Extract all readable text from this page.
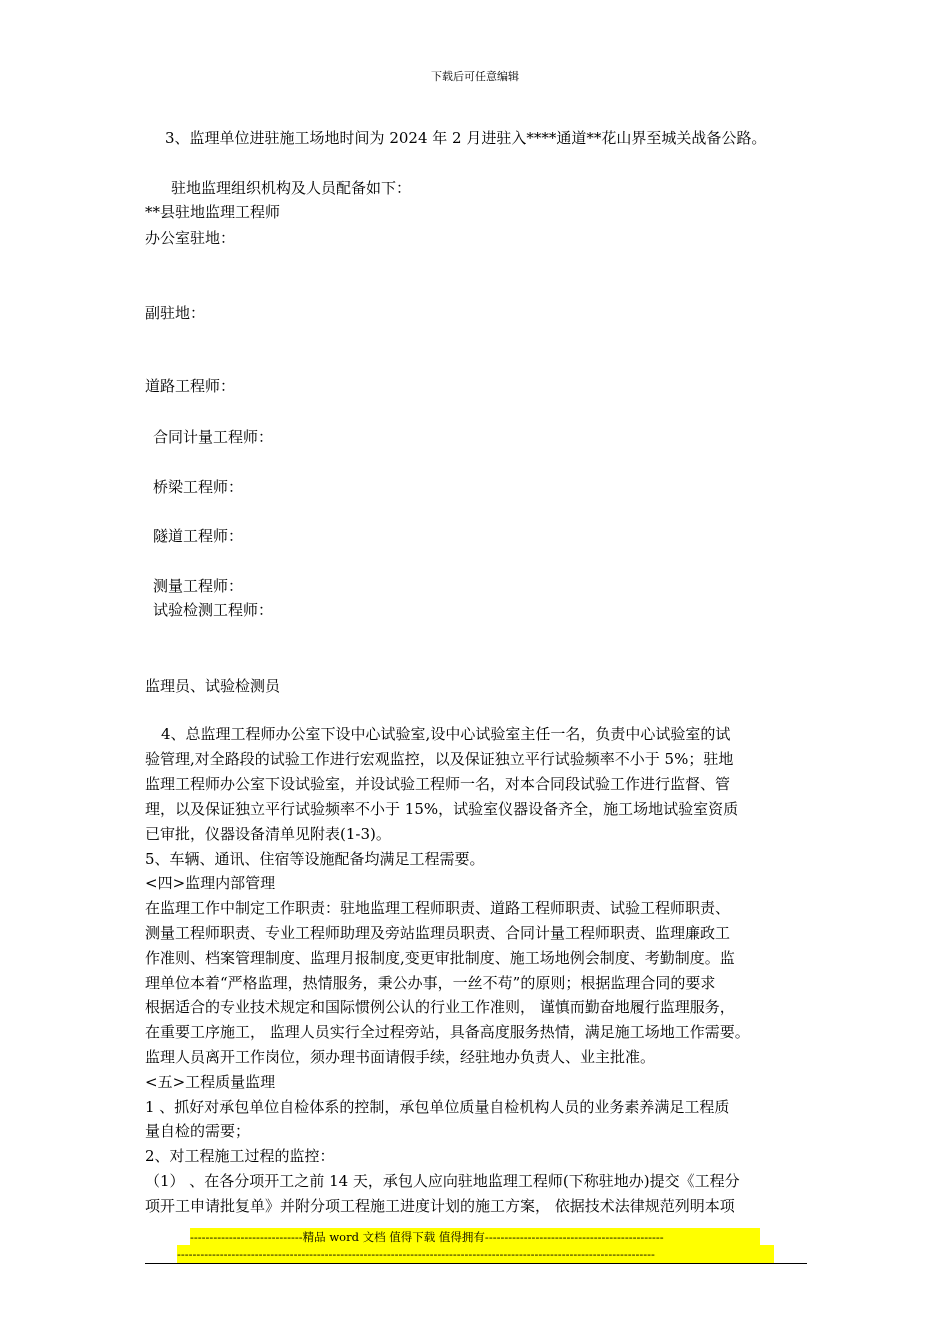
下载后可任意编辑
3、监理单位进驻施工场地时间为 2024 年 2 月进驻入****通道**花山界至城关战备公路。
驻地监理组织机构及人员配备如下：
**县驻地监理工程师
办公室驻地：
副驻地：
道路工程师：
合同计量工程师：
桥梁工程师：
隧道工程师：
测量工程师：
试验检测工程师：
监理员、试验检测员
4、总监理工程师办公室下设中心试验室,设中心试验室主任一名，负责中心试验室的试
验管理,对全路段的试验工作进行宏观监控，以及保证独立平行试验频率不小于 5%；驻地
监理工程师办公室下设试验室，并设试验工程师一名，对本合同段试验工作进行监督、管
理，以及保证独立平行试验频率不小于 15%，试验室仪器设备齐全，施工场地试验室资质
已审批，仪器设备清单见附表(1-3)。
5、车辆、通讯、住宿等设施配备均满足工程需要。
<四>监理内部管理
在监理工作中制定工作职责：驻地监理工程师职责、道路工程师职责、试验工程师职责、
测量工程师职责、专业工程师助理及旁站监理员职责、合同计量工程师职责、监理廉政工
作准则、档案管理制度、监理月报制度,变更审批制度、施工场地例会制度、考勤制度。监
理单位本着“严格监理，热情服务，秉公办事，一丝不苟”的原则；根据监理合同的要求
根据适合的专业技术规定和国际惯例公认的行业工作准则， 谨慎而勤奋地履行监理服务，
在重要工序施工， 监理人员实行全过程旁站，具备高度服务热情，满足施工场地工作需要。
监理人员离开工作岗位，须办理书面请假手续，经驻地办负责人、业主批准。
<五>工程质量监理
1 、抓好对承包单位自检体系的控制，承包单位质量自检机构人员的业务素养满足工程质
量自检的需要；
2、对工程施工过程的监控：
（1） 、在各分项开工之前 14 天，承包人应向驻地监理工程师(下称驻地办)提交《工程分
项开工申请批复单》并附分项工程施工进度计划的施工方案， 依据技术法律规范列明本项
-----------------------------精品 word 文档 值得下载 值得拥有----------------------------------------------
---------------------------------------------------------------------------------------------------------------------------
